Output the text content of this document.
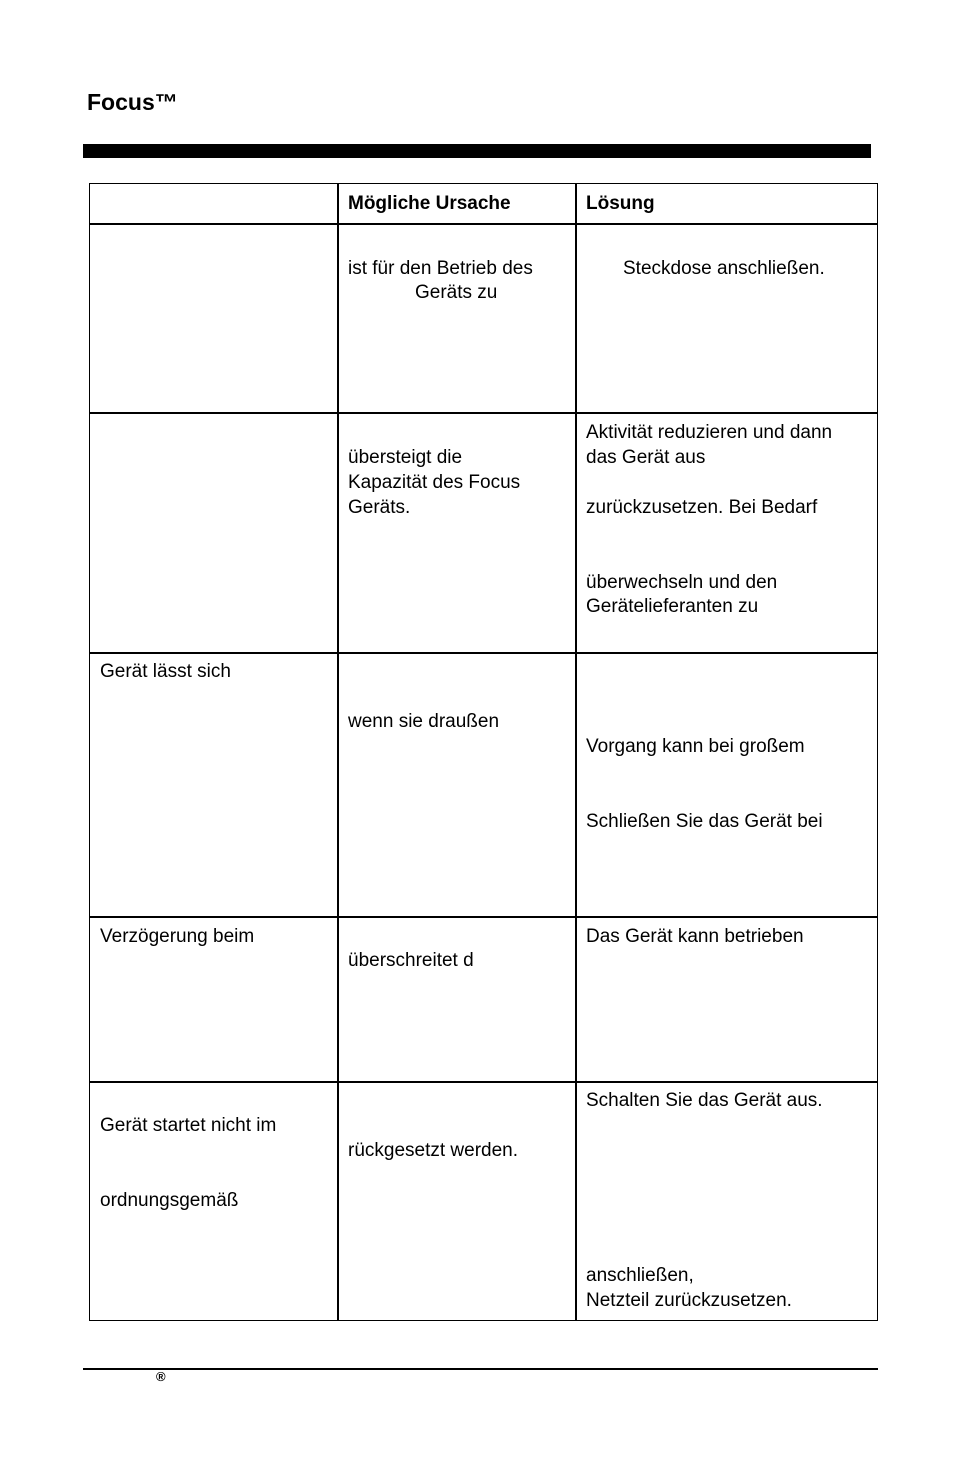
Focus™
Mögliche Ursache	Lösung
ist für den Betrieb des
Geräts zu
Steckdose anschließen.
übersteigt die
Kapazität des Focus
Geräts.
Aktivität reduzieren und dann
das Gerät aus
zurückzusetzen. Bei Bedarf
überwechseln und den
Gerätelieferanten zu
Gerät lässt sich
wenn sie draußen
Vorgang kann bei großem
Schließen Sie das Gerät bei
Verzögerung beim
überschreitet d
Das Gerät kann betrieben
Gerät startet nicht im
ordnungsgemäß
rückgesetzt werden.
Schalten Sie das Gerät aus.
anschließen,
Netzteil zurückzusetzen.
®
